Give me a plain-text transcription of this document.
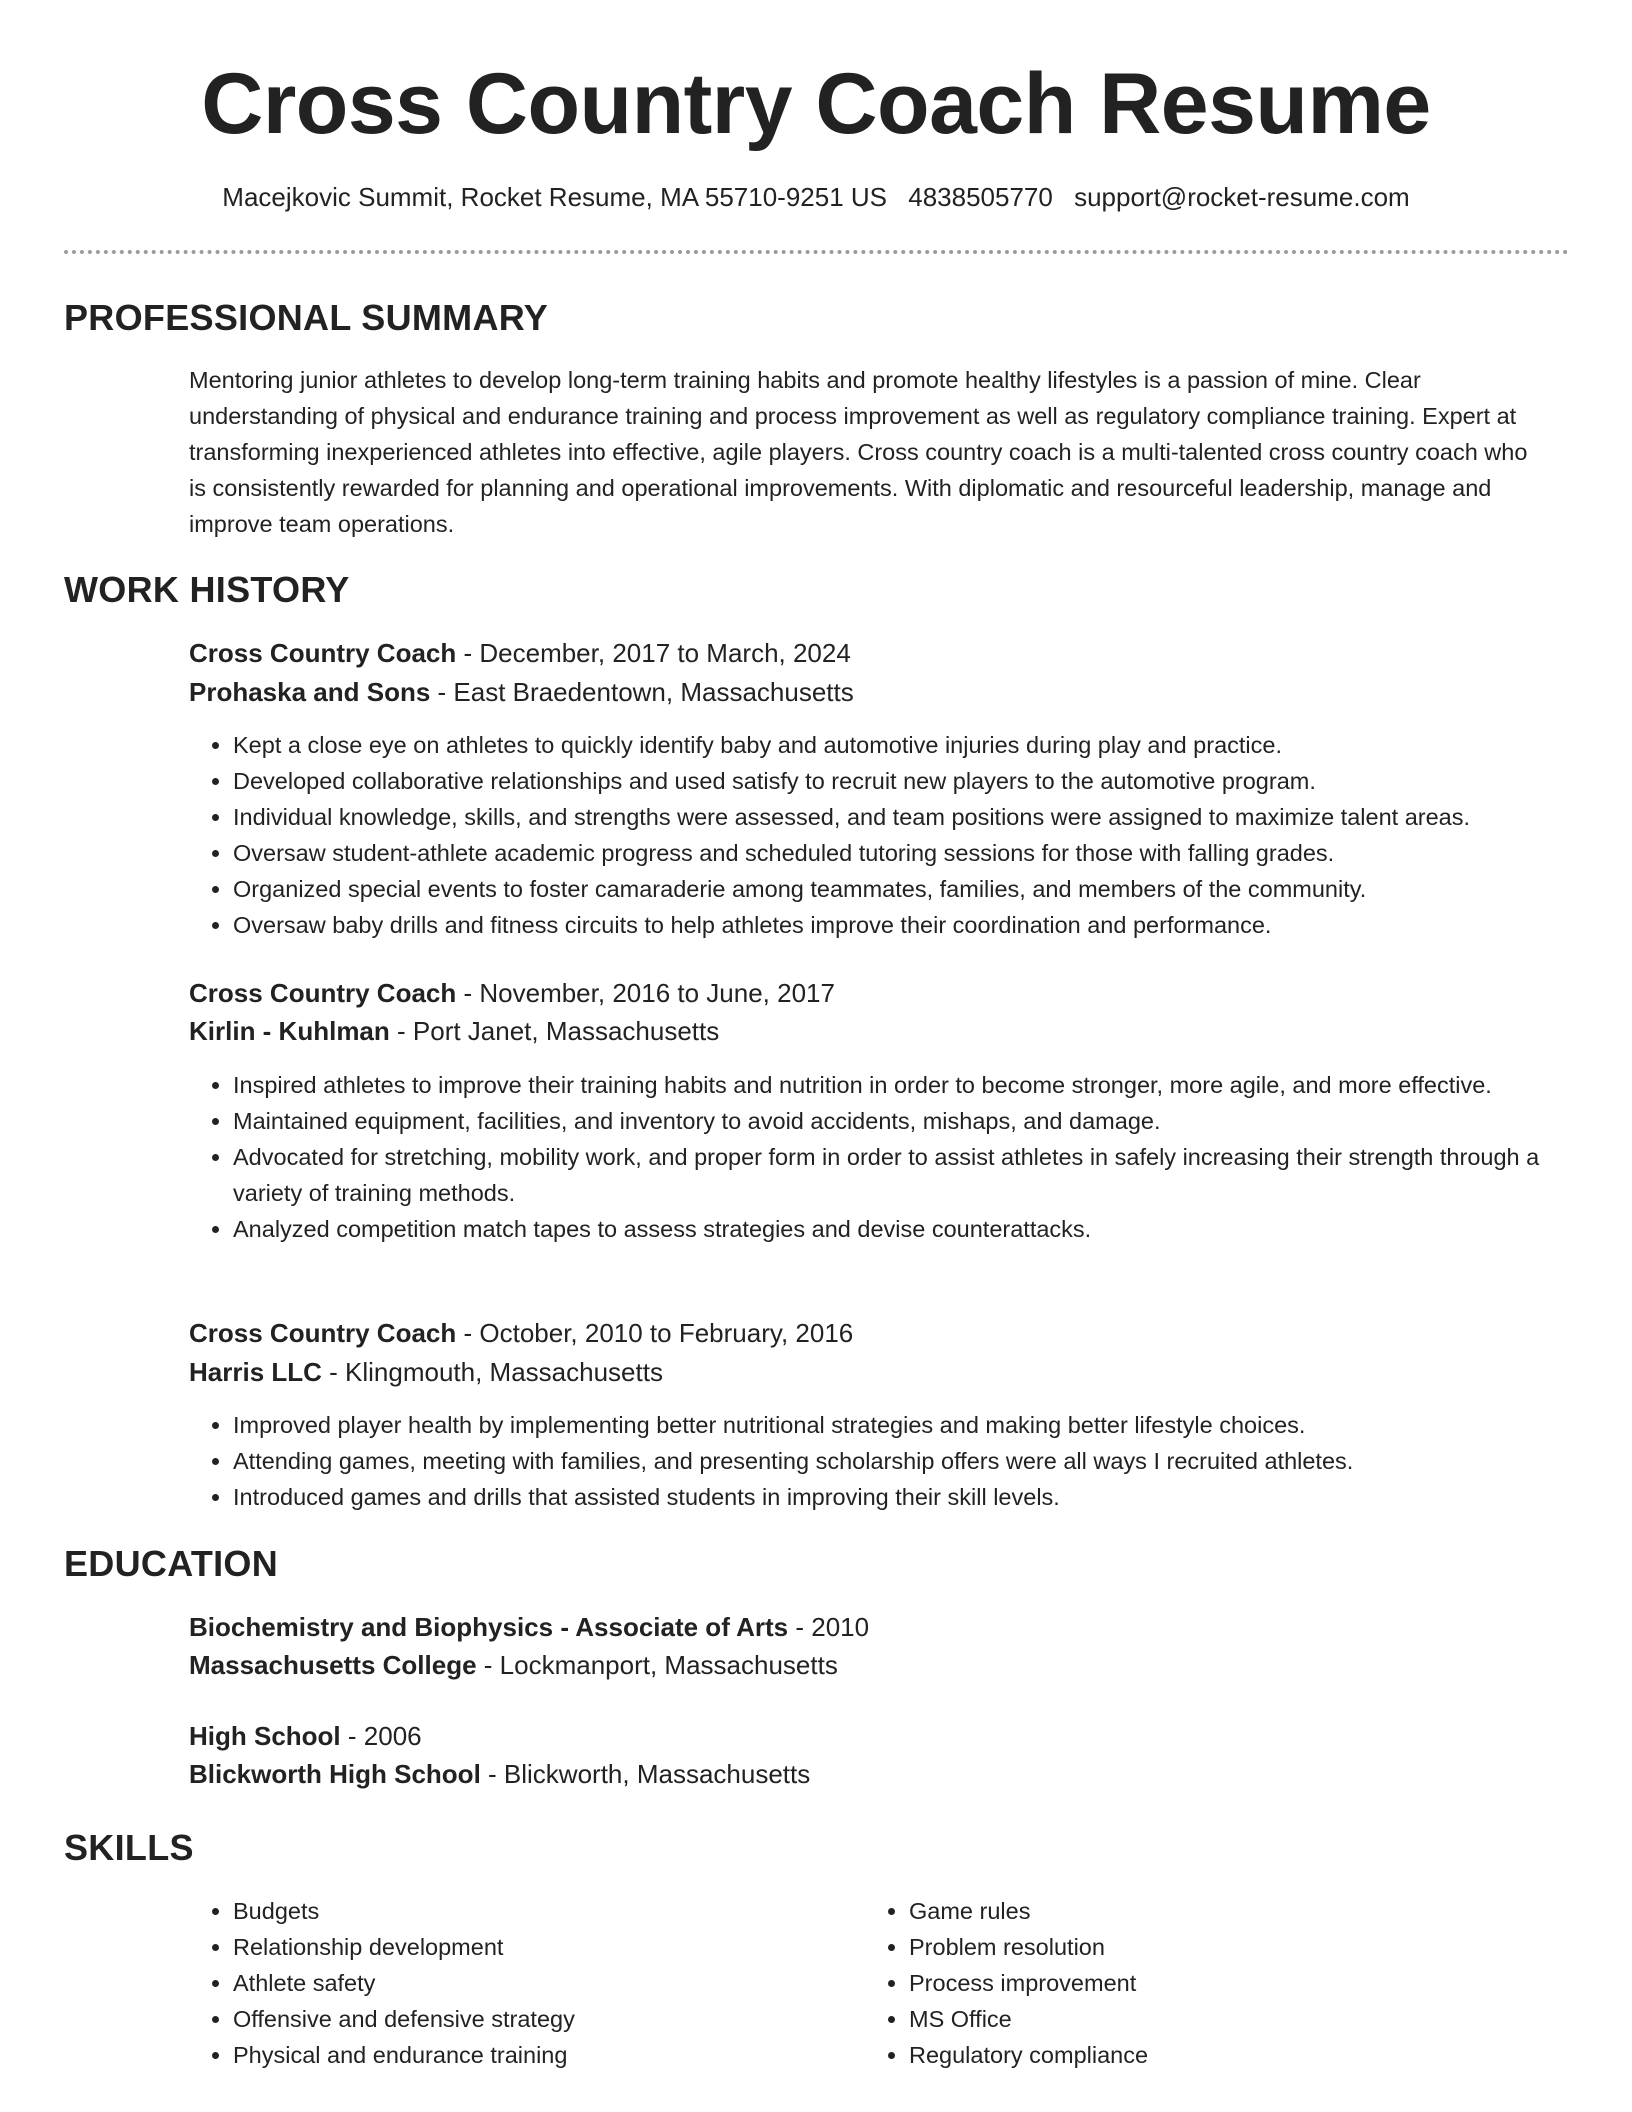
Cross Country Coach Resume
Macejkovic Summit, Rocket Resume, MA 55710-9251 US 4838505770 support@rocket-resume.com
PROFESSIONAL SUMMARY
Mentoring junior athletes to develop long-term training habits and promote healthy lifestyles is a passion of mine. Clear understanding of physical and endurance training and process improvement as well as regulatory compliance training. Expert at transforming inexperienced athletes into effective, agile players. Cross country coach is a multi-talented cross country coach who is consistently rewarded for planning and operational improvements. With diplomatic and resourceful leadership, manage and improve team operations.
WORK HISTORY
Cross Country Coach - December, 2017 to March, 2024
Prohaska and Sons - East Braedentown, Massachusetts
• Kept a close eye on athletes to quickly identify baby and automotive injuries during play and practice.
• Developed collaborative relationships and used satisfy to recruit new players to the automotive program.
• Individual knowledge, skills, and strengths were assessed, and team positions were assigned to maximize talent areas.
• Oversaw student-athlete academic progress and scheduled tutoring sessions for those with falling grades.
• Organized special events to foster camaraderie among teammates, families, and members of the community.
• Oversaw baby drills and fitness circuits to help athletes improve their coordination and performance.
Cross Country Coach - November, 2016 to June, 2017
Kirlin - Kuhlman - Port Janet, Massachusetts
• Inspired athletes to improve their training habits and nutrition in order to become stronger, more agile, and more effective.
• Maintained equipment, facilities, and inventory to avoid accidents, mishaps, and damage.
• Advocated for stretching, mobility work, and proper form in order to assist athletes in safely increasing their strength through a variety of training methods.
• Analyzed competition match tapes to assess strategies and devise counterattacks.
Cross Country Coach - October, 2010 to February, 2016
Harris LLC - Klingmouth, Massachusetts
• Improved player health by implementing better nutritional strategies and making better lifestyle choices.
• Attending games, meeting with families, and presenting scholarship offers were all ways I recruited athletes.
• Introduced games and drills that assisted students in improving their skill levels.
EDUCATION
Biochemistry and Biophysics - Associate of Arts - 2010
Massachusetts College - Lockmanport, Massachusetts
High School - 2006
Blickworth High School - Blickworth, Massachusetts
SKILLS
• Budgets
• Relationship development
• Athlete safety
• Offensive and defensive strategy
• Physical and endurance training
• Game rules
• Problem resolution
• Process improvement
• MS Office
• Regulatory compliance
